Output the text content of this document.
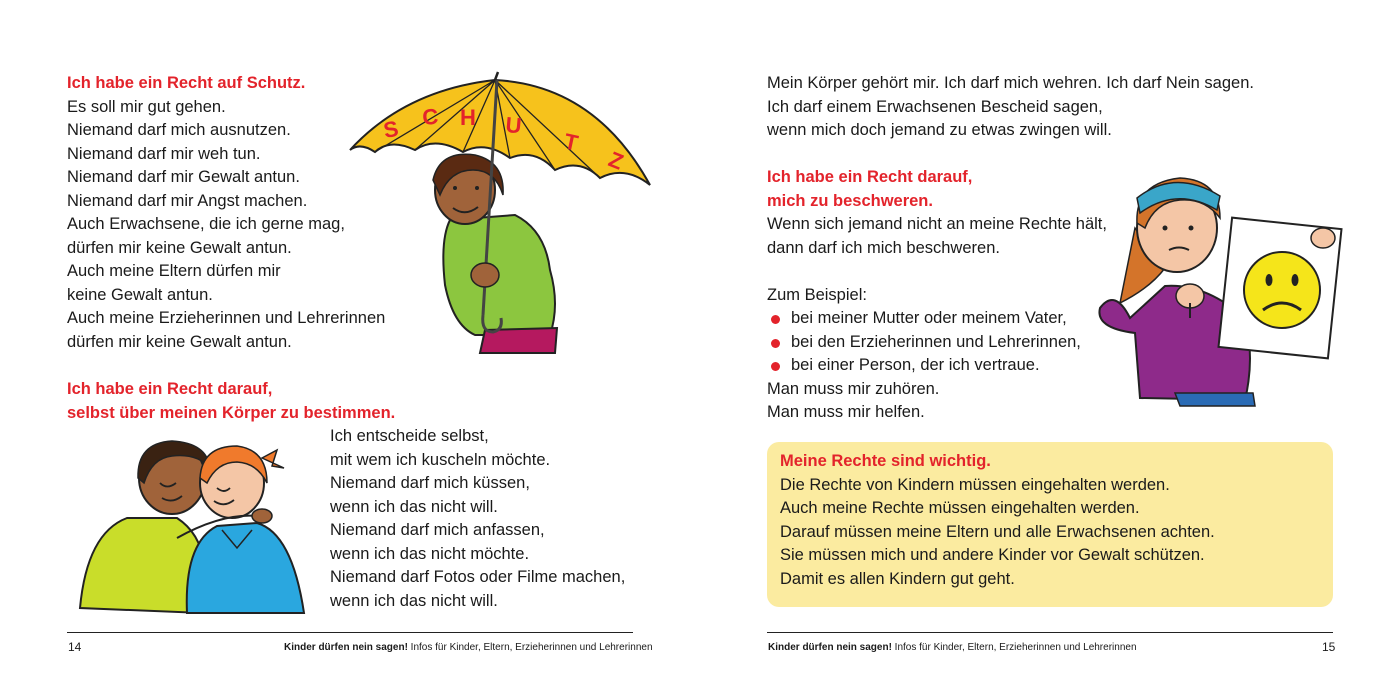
Ich habe ein Recht auf Schutz.
Es soll mir gut gehen.
Niemand darf mich ausnutzen.
Niemand darf mir weh tun.
Niemand darf mir Gewalt antun.
Niemand darf mir Angst machen.
Auch Erwachsene, die ich gerne mag,
dürfen mir keine Gewalt antun.
Auch meine Eltern dürfen mir
keine Gewalt antun.
Auch meine Erzieherinnen und Lehrerinnen
dürfen mir keine Gewalt antun.
S C H U
T
Z
Ich habe ein Recht darauf,
selbst über meinen Körper zu bestimmen.
Ich entscheide selbst,
mit wem ich kuscheln möchte.
Niemand darf mich küssen,
wenn ich das nicht will.
Niemand darf mich anfassen,
wenn ich das nicht möchte.
Niemand darf Fotos oder Filme machen,
wenn ich das nicht will.
14	Kinder dürfen nein sagen! Infos für Kinder, Eltern, Erzieherinnen und Lehrerinnen
Mein Körper gehört mir. Ich darf mich wehren. Ich darf Nein sagen.
Ich darf einem Erwachsenen Bescheid sagen,
wenn mich doch jemand zu etwas zwingen will.
Ich habe ein Recht darauf,
mich zu beschweren.
Wenn sich jemand nicht an meine Rechte hält,
dann darf ich mich beschweren.
Zum Beispiel:
bei meiner Mutter oder meinem Vater,
bei den Erzieherinnen und Lehrerinnen,
bei einer Person, der ich vertraue.
Man muss mir zuhören.
Man muss mir helfen.
Meine Rechte sind wichtig.
Die Rechte von Kindern müssen eingehalten werden.
Auch meine Rechte müssen eingehalten werden.
Darauf müssen meine Eltern und alle Erwachsenen achten.
Sie müssen mich und andere Kinder vor Gewalt schützen.
Damit es allen Kindern gut geht.
Kinder dürfen nein sagen! Infos für Kinder, Eltern, Erzieherinnen und Lehrerinnen	15
